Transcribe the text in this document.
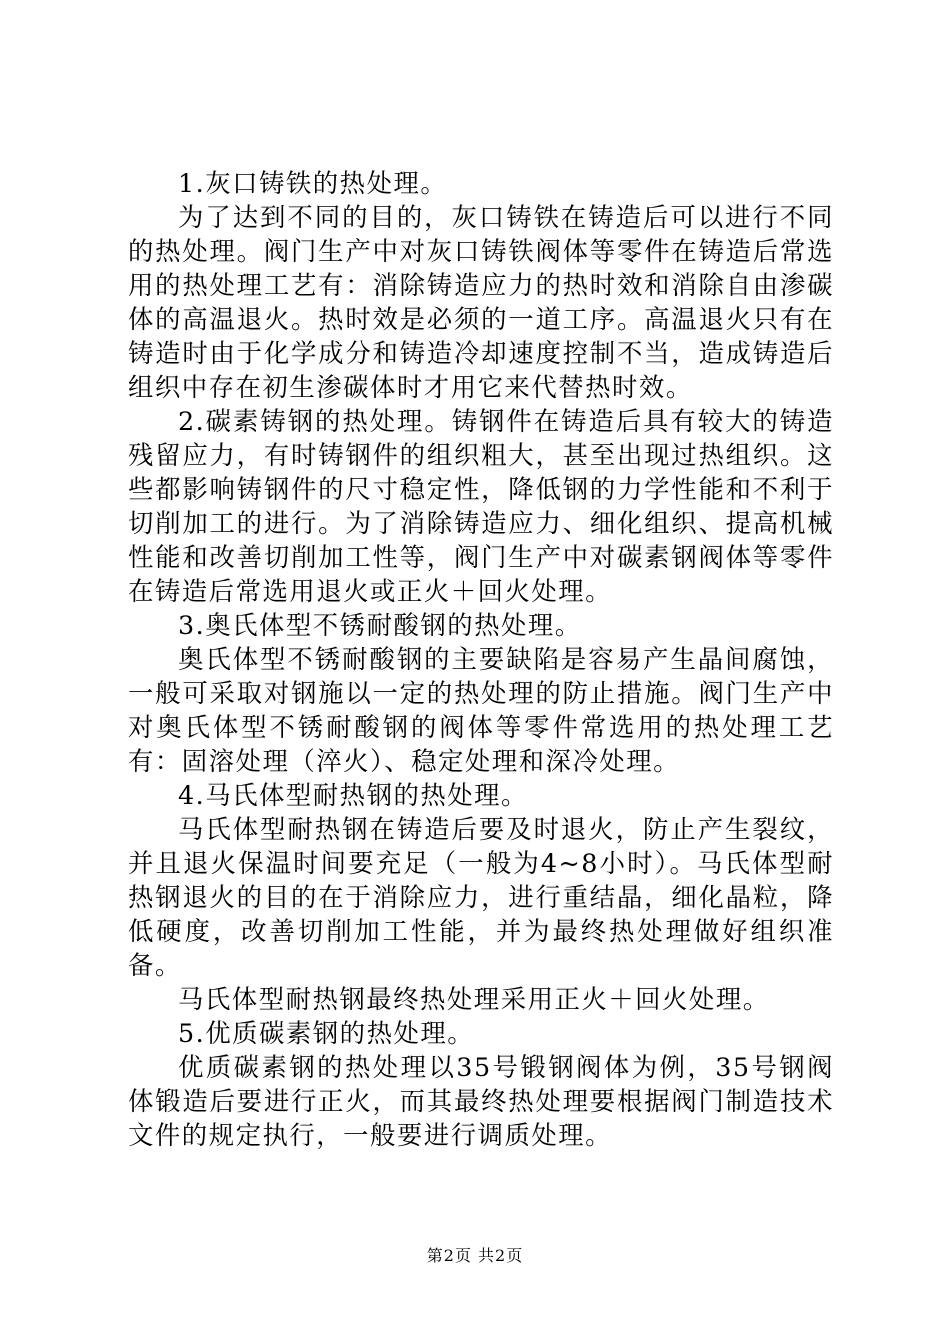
1.灰口铸铁的热处理。

为了达到不同的目的，灰口铸铁在铸造后可以进行不同的热处理。阀门生产中对灰口铸铁阀体等零件在铸造后常选用的热处理工艺有：消除铸造应力的热时效和消除自由渗碳体的高温退火。热时效是必须的一道工序。高温退火只有在铸造时由于化学成分和铸造冷却速度控制不当，造成铸造后组织中存在初生渗碳体时才用它来代替热时效。

2.碳素铸钢的热处理。铸钢件在铸造后具有较大的铸造残留应力，有时铸钢件的组织粗大，甚至出现过热组织。这些都影响铸钢件的尺寸稳定性，降低钢的力学性能和不利于切削加工的进行。为了消除铸造应力、细化组织、提高机械性能和改善切削加工性等，阀门生产中对碳素钢阀体等零件在铸造后常选用退火或正火＋回火处理。

3.奥氏体型不锈耐酸钢的热处理。

奥氏体型不锈耐酸钢的主要缺陷是容易产生晶间腐蚀，一般可采取对钢施以一定的热处理的防止措施。阀门生产中对奥氏体型不锈耐酸钢的阀体等零件常选用的热处理工艺有：固溶处理（淬火）、稳定处理和深冷处理。

4.马氏体型耐热钢的热处理。

马氏体型耐热钢在铸造后要及时退火，防止产生裂纹，并且退火保温时间要充足（一般为4~8小时）。马氏体型耐热钢退火的目的在于消除应力，进行重结晶，细化晶粒，降低硬度，改善切削加工性能，并为最终热处理做好组织准备。

马氏体型耐热钢最终热处理采用正火＋回火处理。

5.优质碳素钢的热处理。

优质碳素钢的热处理以35号锻钢阀体为例，35号钢阀体锻造后要进行正火，而其最终热处理要根据阀门制造技术文件的规定执行，一般要进行调质处理。

第2页 共2页
